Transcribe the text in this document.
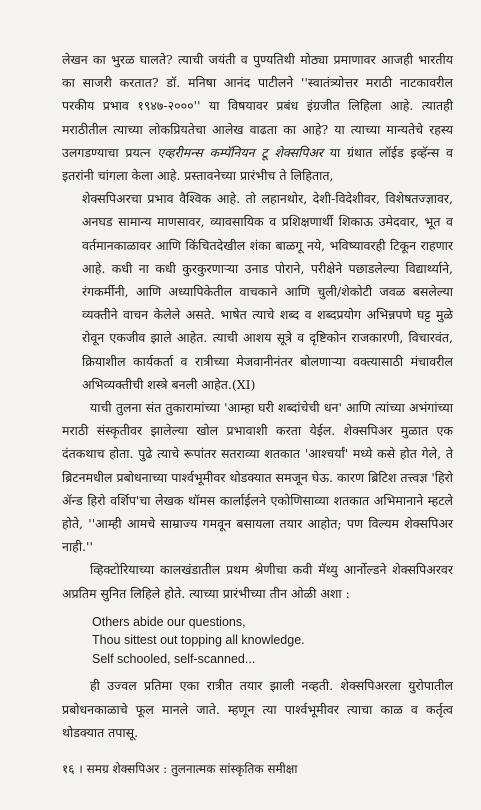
लेखन का भुरळ घालते? त्याची जयंती व पुण्यतिथी मोठ्या प्रमाणावर आजही भारतीय का साजरी करतात? डॉ. मनिषा आनंद पाटीलने ''स्वातंत्र्योत्तर मराठी नाटकावरील परकीय प्रभाव १९४७-२०००'' या विषयावर प्रबंध इंग्रजीत लिहिला आहे. त्यातही मराठीतील त्याच्या लोकप्रियतेचा आलेख वाढता का आहे? या त्याच्या मान्यतेचे रहस्य उलगडण्याचा प्रयत्न एव्हरीमन्स कम्पॅनियन टू शेक्सपिअर या ग्रंथात लॉईड इव्हॅन्स व इतरांनी चांगला केला आहे. प्रस्तावनेच्या प्रारंभीच ते लिहितात,

शेक्सपिअरचा प्रभाव वैश्विक आहे. तो लहानथोर, देशी-विदेशीवर, विशेषतज्ज्ञावर, अनघड सामान्य माणसावर, व्यावसायिक व प्रशिक्षणार्थी शिकाऊ उमेदवार, भूत व वर्तमानकाळावर आणि किंचितदेखील शंका बाळगू नये, भविष्यावरही टिकून राहणार आहे. कधी ना कधी कुरकुरणाऱ्या उनाड पोराने, परीक्षेने पछाडलेल्या विद्यार्थ्याने, रंगकर्मीनी, आणि अध्यापिकेतील वाचकाने आणि चुली/शेकोटी जवळ बसलेल्या व्यक्तीने वाचन केलेले असते. भाषेत त्याचे शब्द व शब्दप्रयोग अभिन्नपणे घट्ट मुळे रोवून एकजीव झाले आहेत. त्याची आशय सूत्रे व दृष्टिकोन राजकारणी, विचारवंत, क्रियाशील कार्यकर्ता व रात्रीच्या मेजवानीनंतर बोलणाऱ्या वक्त्यासाठी मंचावरील अभिव्यक्तीची शस्त्रे बनली आहेत.(XI)

याची तुलना संत तुकारामांच्या 'आम्हा घरी शब्दांचेची धन' आणि त्यांच्या अभंगांच्या मराठी संस्कृतीवर झालेल्या खोल प्रभावाशी करता येईल. शेक्सपिअर मुळात एक दंतकथाच होता. पुढे त्याचे रूपांतर सतराव्या शतकात 'आश्चर्यां' मध्ये कसे होत गेले, ते ब्रिटनमधील प्रबोधनाच्या पार्श्वभूमीवर थोडक्यात समजून घेऊ. कारण ब्रिटिश तत्त्वज्ञ 'हिरो ॲन्ड हिरो वर्शिप'चा लेखक थॉमस कार्लाईलने एकोणिसाव्या शतकात अभिमानाने म्हटले होते, ''आम्ही आमचे साम्राज्य गमवून बसायला तयार आहोत; पण विल्यम शेक्सपिअर नाही.''

व्हिक्टोरियाच्या कालखंडातील प्रथम श्रेणीचा कवी मॅथ्यु आर्नोल्डने शेक्सपिअरवर अप्रतिम सुनित लिहिले होते. त्याच्या प्रारंभीच्या तीन ओळी अशा :

Others abide our questions,
Thou sittest out topping all knowledge.
Self schooled, self-scanned...

ही उज्वल प्रतिमा एका रात्रीत तयार झाली नव्हती. शेक्सपिअरला युरोपातील प्रबोधनकाळाचे फूल मानले जाते. म्हणून त्या पार्श्वभूमीवर त्याचा काळ व कर्तृत्व थोडक्यात तपासू.

१६ । समग्र शेक्सपिअर : तुलनात्मक सांस्कृतिक समीक्षा
